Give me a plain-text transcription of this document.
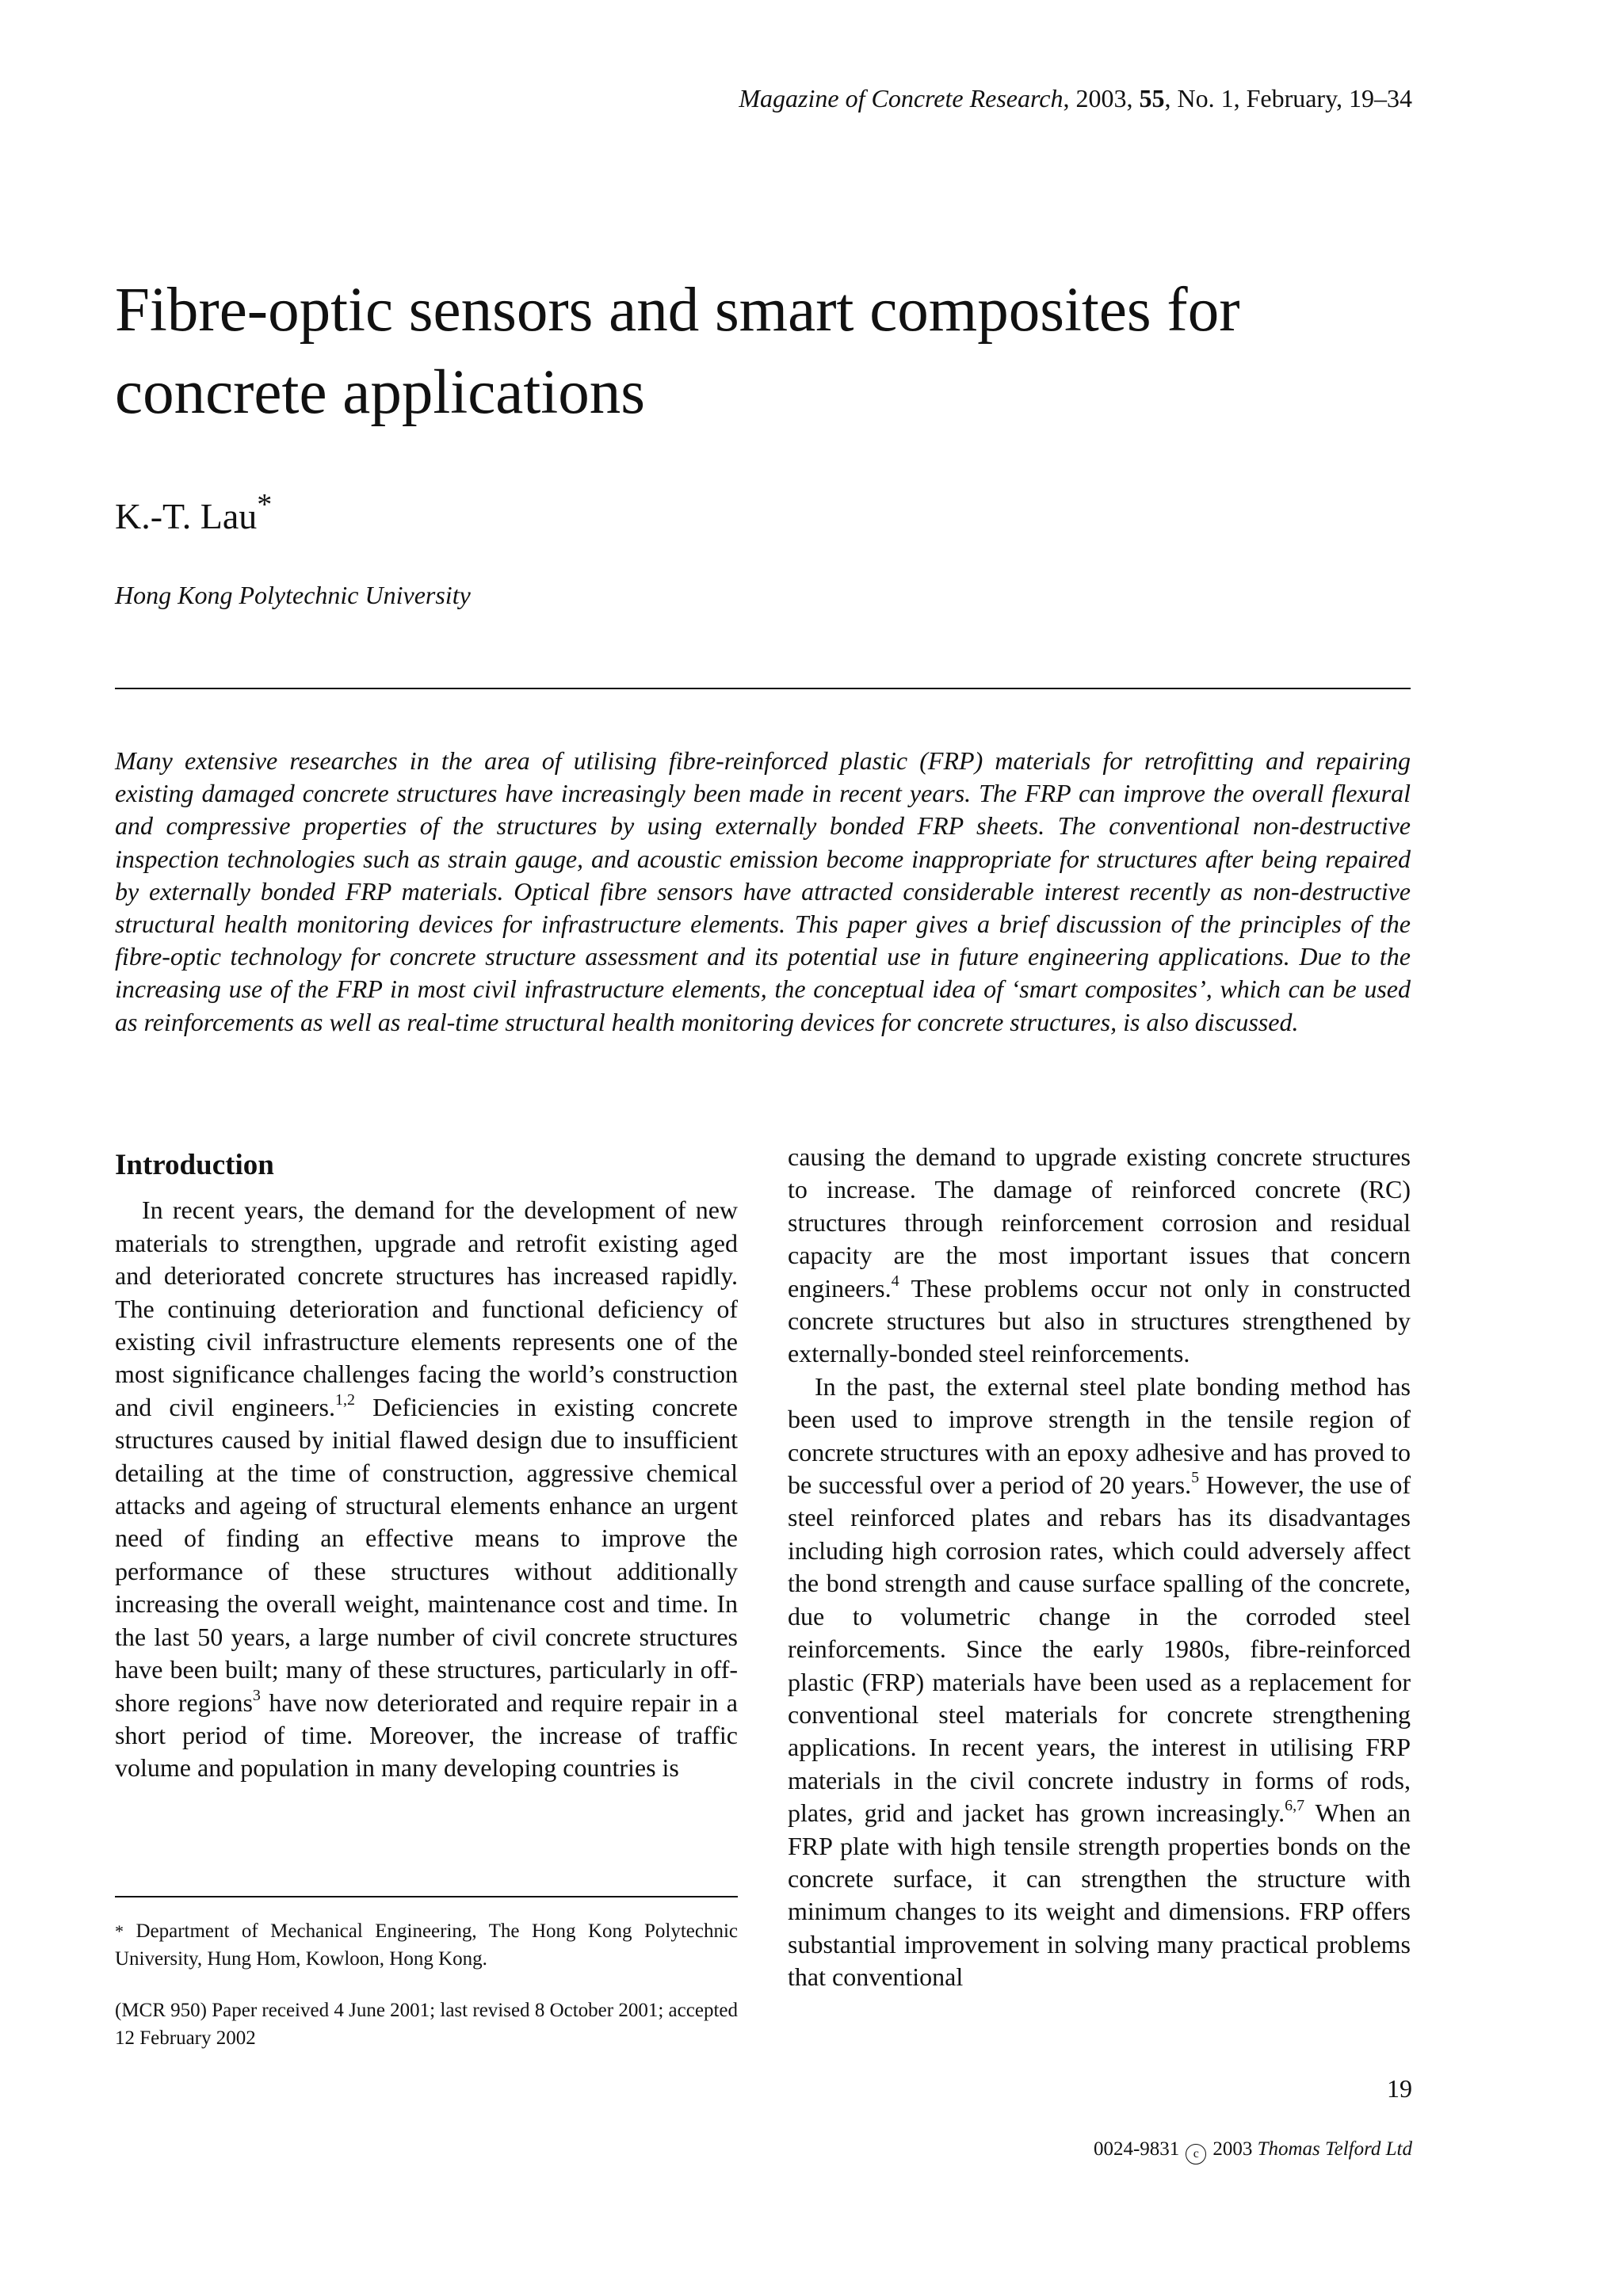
Magazine of Concrete Research, 2003, 55, No. 1, February, 19–34
Fibre-optic sensors and smart composites for concrete applications
K.-T. Lau*
Hong Kong Polytechnic University

Many extensive researches in the area of utilising fibre-reinforced plastic (FRP) materials for retrofitting and repairing existing damaged concrete structures have increasingly been made in recent years. The FRP can improve the overall flexural and compressive properties of the structures by using externally bonded FRP sheets. The conventional non-destructive inspection technologies such as strain gauge, and acoustic emission become inappropriate for structures after being repaired by externally bonded FRP materials. Optical fibre sensors have attracted considerable interest recently as non-destructive structural health monitoring devices for infrastructure elements. This paper gives a brief discussion of the principles of the fibre-optic technology for concrete structure assessment and its potential use in future engineering applications. Due to the increasing use of the FRP in most civil infrastructure elements, the conceptual idea of ‘smart composites’, which can be used as reinforcements as well as real-time structural health monitoring devices for concrete structures, is also discussed.

Introduction

In recent years, the demand for the development of new materials to strengthen, upgrade and retrofit existing aged and deteriorated concrete structures has increased rapidly. The continuing deterioration and functional deficiency of existing civil infrastructure elements represents one of the most significance challenges facing the world’s construction and civil engineers.$^{1,2}$ Deficiencies in existing concrete structures caused by initial flawed design due to insufficient detailing at the time of construction, aggressive chemical attacks and ageing of structural elements enhance an urgent need of finding an effective means to improve the performance of these structures without additionally increasing the overall weight, maintenance cost and time. In the last 50 years, a large number of civil concrete structures have been built; many of these structures, particularly in off-shore regions$^3$ have now deteriorated and require repair in a short period of time. Moreover, the increase of traffic volume and population in many developing countries is

causing the demand to upgrade existing concrete structures to increase. The damage of reinforced concrete (RC) structures through reinforcement corrosion and residual capacity are the most important issues that concern engineers.$^4$ These problems occur not only in constructed concrete structures but also in structures strengthened by externally-bonded steel reinforcements.

In the past, the external steel plate bonding method has been used to improve strength in the tensile region of concrete structures with an epoxy adhesive and has proved to be successful over a period of 20 years.$^5$ However, the use of steel reinforced plates and rebars has its disadvantages including high corrosion rates, which could adversely affect the bond strength and cause surface spalling of the concrete, due to volumetric change in the corroded steel reinforcements. Since the early 1980s, fibre-reinforced plastic (FRP) materials have been used as a replacement for conventional steel materials for concrete strengthening applications. In recent years, the interest in utilising FRP materials in the civil concrete industry in forms of rods, plates, grid and jacket has grown increasingly.$^{6,7}$ When an FRP plate with high tensile strength properties bonds on the concrete surface, it can strengthen the structure with minimum changes to its weight and dimensions. FRP offers substantial improvement in solving many practical problems that conventional

* Department of Mechanical Engineering, The Hong Kong Polytechnic University, Hung Hom, Kowloon, Hong Kong.

(MCR 950) Paper received 4 June 2001; last revised 8 October 2001; accepted 12 February 2002

19
0024-9831 c 2003 Thomas Telford Ltd
